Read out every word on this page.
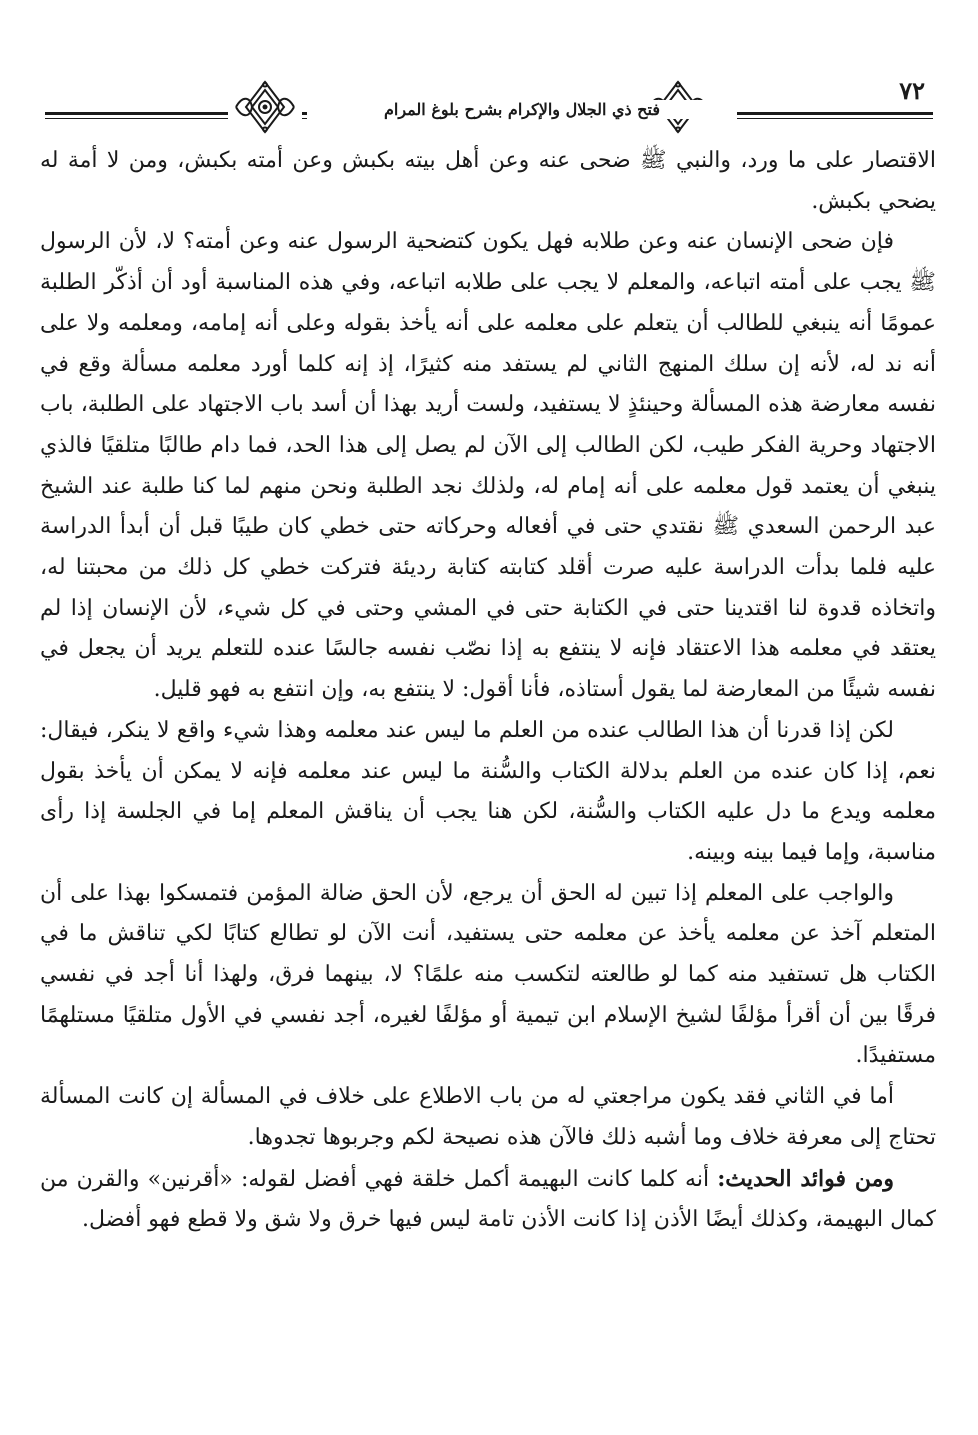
فتح ذي الجلال والإكرام بشرح بلوغ المرام
٧٢

الاقتصار على ما ورد، والنبي ﷺ ضحى عنه وعن أهل بيته بكبش وعن أمته بكبش، ومن لا أمة له يضحي بكبش.

فإن ضحى الإنسان عنه وعن طلابه فهل يكون كتضحية الرسول عنه وعن أمته؟ لا، لأن الرسول ﷺ يجب على أمته اتباعه، والمعلم لا يجب على طلابه اتباعه، وفي هذه المناسبة أود أن أذكّر الطلبة عمومًا أنه ينبغي للطالب أن يتعلم على معلمه على أنه يأخذ بقوله وعلى أنه إمامه، ومعلمه ولا على أنه ند له، لأنه إن سلك المنهج الثاني لم يستفد منه كثيرًا، إذ إنه كلما أورد معلمه مسألة وقع في نفسه معارضة هذه المسألة وحينئذٍ لا يستفيد، ولست أريد بهذا أن أسد باب الاجتهاد على الطلبة، باب الاجتهاد وحرية الفكر طيب، لكن الطالب إلى الآن لم يصل إلى هذا الحد، فما دام طالبًا متلقيًا فالذي ينبغي أن يعتمد قول معلمه على أنه إمام له، ولذلك نجد الطلبة ونحن منهم لما كنا طلبة عند الشيخ عبد الرحمن السعدي ﷺ نقتدي حتى في أفعاله وحركاته حتى خطي كان طيبًا قبل أن أبدأ الدراسة عليه فلما بدأت الدراسة عليه صرت أقلد كتابته كتابة رديئة فتركت خطي كل ذلك من محبتنا له، واتخاذه قدوة لنا اقتدينا حتى في الكتابة حتى في المشي وحتى في كل شيء، لأن الإنسان إذا لم يعتقد في معلمه هذا الاعتقاد فإنه لا ينتفع به إذا نصّب نفسه جالسًا عنده للتعلم يريد أن يجعل في نفسه شيئًا من المعارضة لما يقول أستاذه، فأنا أقول: لا ينتفع به، وإن انتفع به فهو قليل.

لكن إذا قدرنا أن هذا الطالب عنده من العلم ما ليس عند معلمه وهذا شيء واقع لا ينكر، فيقال: نعم، إذا كان عنده من العلم بدلالة الكتاب والسُّنة ما ليس عند معلمه فإنه لا يمكن أن يأخذ بقول معلمه ويدع ما دل عليه الكتاب والسُّنة، لكن هنا يجب أن يناقش المعلم إما في الجلسة إذا رأى مناسبة، وإما فيما بينه وبينه.

والواجب على المعلم إذا تبين له الحق أن يرجع، لأن الحق ضالة المؤمن فتمسكوا بهذا على أن المتعلم آخذ عن معلمه يأخذ عن معلمه حتى يستفيد، أنت الآن لو تطالع كتابًا لكي تناقش ما في الكتاب هل تستفيد منه كما لو طالعته لتكسب منه علمًا؟ لا، بينهما فرق، ولهذا أنا أجد في نفسي فرقًا بين أن أقرأ مؤلفًا لشيخ الإسلام ابن تيمية أو مؤلفًا لغيره، أجد نفسي في الأول متلقيًا مستلهمًا مستفيدًا.

أما في الثاني فقد يكون مراجعتي له من باب الاطلاع على خلاف في المسألة إن كانت المسألة تحتاج إلى معرفة خلاف وما أشبه ذلك فالآن هذه نصيحة لكم وجربوها تجدوها.

ومن فوائد الحديث: أنه كلما كانت البهيمة أكمل خلقة فهي أفضل لقوله: «أقرنين» والقرن من كمال البهيمة، وكذلك أيضًا الأذن إذا كانت الأذن تامة ليس فيها خرق ولا شق ولا قطع فهو أفضل.
